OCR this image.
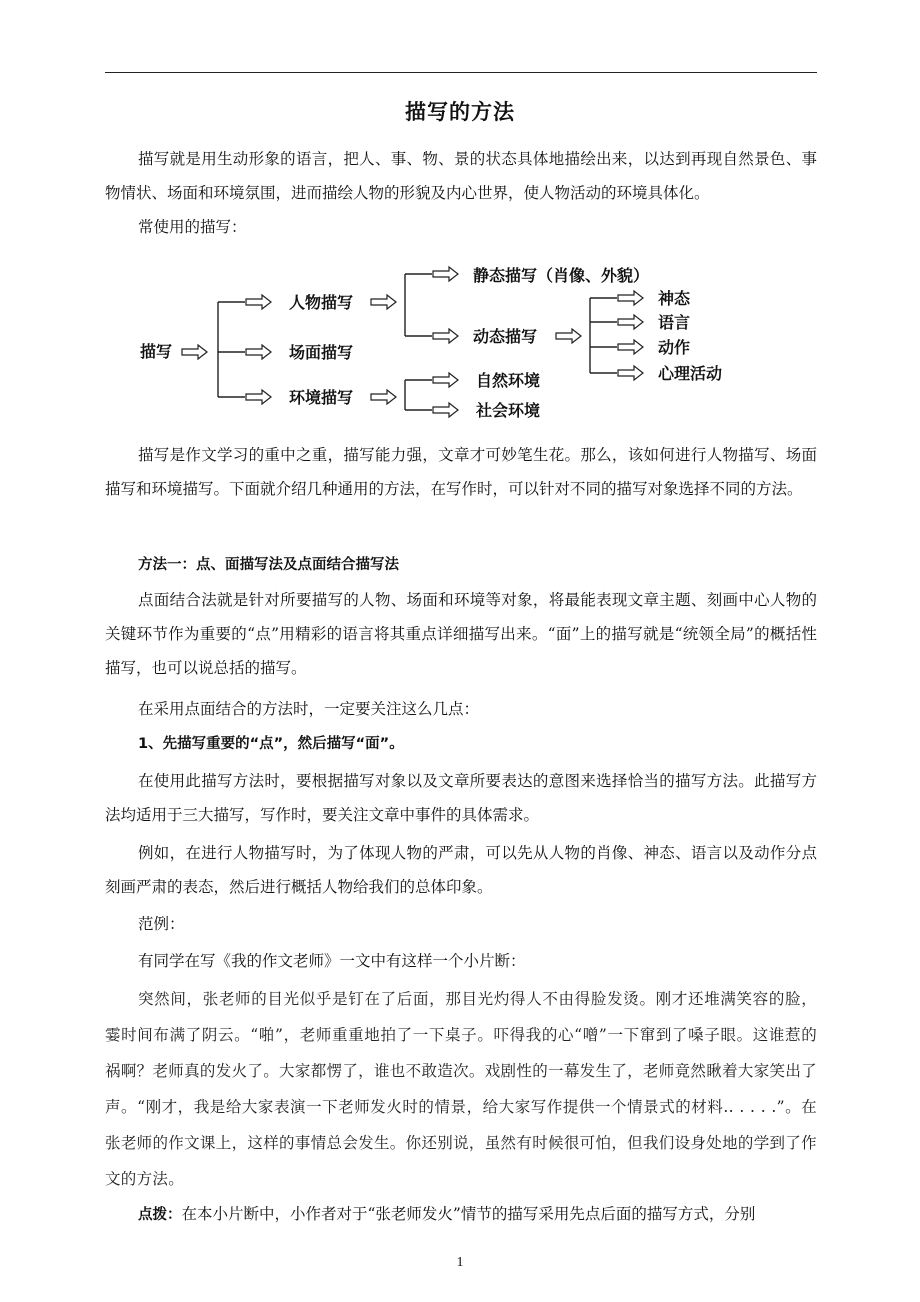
描写的方法

描写就是用生动形象的语言，把人、事、物、景的状态具体地描绘出来，以达到再现自然景色、事物情状、场面和环境氛围，进而描绘人物的形貌及内心世界，使人物活动的环境具体化。

常使用的描写：

描写
人物描写
场面描写
环境描写
静态描写（肖像、外貌）
动态描写
神态
语言
动作
心理活动
自然环境
社会环境

描写是作文学习的重中之重，描写能力强，文章才可妙笔生花。那么，该如何进行人物描写、场面描写和环境描写。下面就介绍几种通用的方法，在写作时，可以针对不同的描写对象选择不同的方法。

方法一：点、面描写法及点面结合描写法

点面结合法就是针对所要描写的人物、场面和环境等对象，将最能表现文章主题、刻画中心人物的关键环节作为重要的“点”用精彩的语言将其重点详细描写出来。“面”上的描写就是“统领全局”的概括性描写，也可以说总括的描写。

在采用点面结合的方法时，一定要关注这么几点：

1、先描写重要的“点”，然后描写“面”。

在使用此描写方法时，要根据描写对象以及文章所要表达的意图来选择恰当的描写方法。此描写方法均适用于三大描写，写作时，要关注文章中事件的具体需求。

例如，在进行人物描写时，为了体现人物的严肃，可以先从人物的肖像、神态、语言以及动作分点刻画严肃的表态，然后进行概括人物给我们的总体印象。

范例：

有同学在写《我的作文老师》一文中有这样一个小片断：

突然间，张老师的目光似乎是钉在了后面，那目光灼得人不由得脸发烫。刚才还堆满笑容的脸，霎时间布满了阴云。“啪”，老师重重地拍了一下桌子。吓得我的心“噌”一下窜到了嗓子眼。这谁惹的祸啊？老师真的发火了。大家都愣了，谁也不敢造次。戏剧性的一幕发生了，老师竟然瞅着大家笑出了声。“刚才，我是给大家表演一下老师发火时的情景，给大家写作提供一个情景式的材料.. . . . .”。在张老师的作文课上，这样的事情总会发生。你还别说，虽然有时候很可怕，但我们设身处地的学到了作文的方法。

点拨：在本小片断中，小作者对于“张老师发火”情节的描写采用先点后面的描写方式，分别

1
